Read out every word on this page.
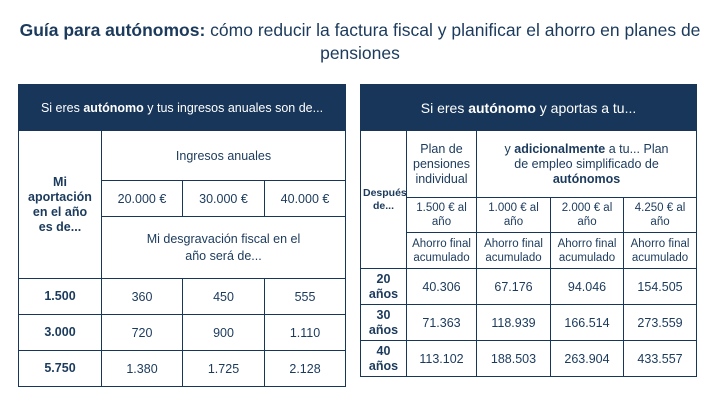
Guía para autónomos: cómo reducir la factura fiscal y planificar el ahorro en planes de pensiones
Si eres autónomo y tus ingresos anuales son de...			
Mi aportación en el año es de...	Ingresos anuales		
	20.000 €	30.000 €	40.000 €
	Mi desgravación fiscal en el año será de...		
1.500	360	450	555
3.000	720	900	1.110
5.750	1.380	1.725	2.128
Si eres autónomo y aportas a tu...				
Después de...	Plan de pensiones individual	y adicionalmente a tu... Plan de empleo simplificado de autónomos		
	1.500 € al año	1.000 € al año	2.000 € al año	4.250 € al año
	Ahorro final acumulado	Ahorro final acumulado	Ahorro final acumulado	Ahorro final acumulado
20 años	40.306	67.176	94.046	154.505
30 años	71.363	118.939	166.514	273.559
40 años	113.102	188.503	263.904	433.557
